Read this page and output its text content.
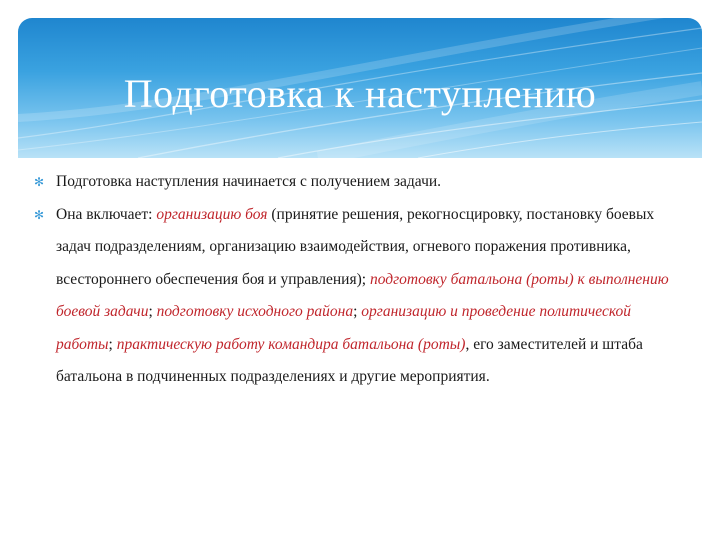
Подготовка к наступлению
✻ Подготовка наступления начинается с получением задачи.
✻ Она включает: организацию боя (принятие решения, рекогносцировку, постановку боевых задач подразделениям, организацию взаимодействия, огневого поражения противника, всестороннего обеспечения боя и управления); подготовку батальона (роты) к выполнению боевой задачи; подготовку исходного района; организацию и проведение политической работы; практическую работу командира батальона (роты), его заместителей и штаба батальона в подчиненных подразделениях и другие мероприятия.
